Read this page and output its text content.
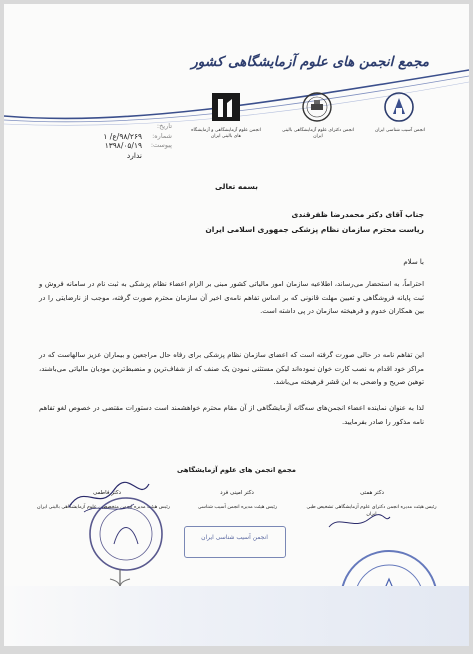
مجمع انجمن های علوم آزمایشگاهی کشور
انجمن علوم آزمایشگاهی و آزمایشگاه های بالینی ایران
انجمن دکترای علوم آزمایشگاهی بالینی ایران
انجمن آسیب شناسی ایران
تاریخ:
شماره:
۹۸/۲۶۹/ع/ ۱
پیوست:
۱۳۹۸/۰۵/۱۹
ندارد
بسمه تعالی
جناب آقای دکتر محمدرضا ظفرقندی
ریاست محترم سازمان نظام پزشکی جمهوری اسلامی ایران
با سلام
احتراماً، به استحضار می‌رساند، اطلاعیه سازمان امور مالیاتی کشور مبنی بر الزام اعضاء نظام پزشکی به ثبت نام در سامانه فروش و ثبت پایانه فروشگاهی و تعیین مهلت قانونی که بر اساس تفاهم نامه‌ی اخیر آن سازمان محترم صورت گرفته، موجب از نارضایتی را در بین همکاران خدوم و فرهیخته سازمان در پی داشته است.
این تفاهم نامه در حالی صورت گرفته است که اعضای سازمان نظام پزشکی برای رفاه حال مراجعین و بیماران عزیز سالهاست که در مراکز خود اقدام به نصب کارت خوان نموده‌اند لیکن مستثنی نمودن یک صنف که از شفاف‌ترین و منضبط‌ترین مودیان مالیاتی می‌باشند، توهین صریح و واضحی به این قشر فرهیخته می‌باشد.
لذا به عنوان نماینده اعضاء انجمن‌های سه‌گانه آزمایشگاهی از آن مقام محترم خواهشمند است دستورات مقتضی در خصوص لغو تفاهم نامه مذکور را صادر بفرمایید.
مجمع انجمن های علوم آزمایشگاهی
دکتر همتی
رئیس هیئت مدیره انجمن دکترای علوم آزمایشگاهی تشخیص طبی ایران
دکتر امینی فرد
رئیس هیئت مدیره انجمن آسیب شناسی
دکتر فاطمی
رئیس هیئت مدیره انجمن متخصصین علوم آزمایشگاهی بالینی ایران
انجمن آسیب شناسی ایران
